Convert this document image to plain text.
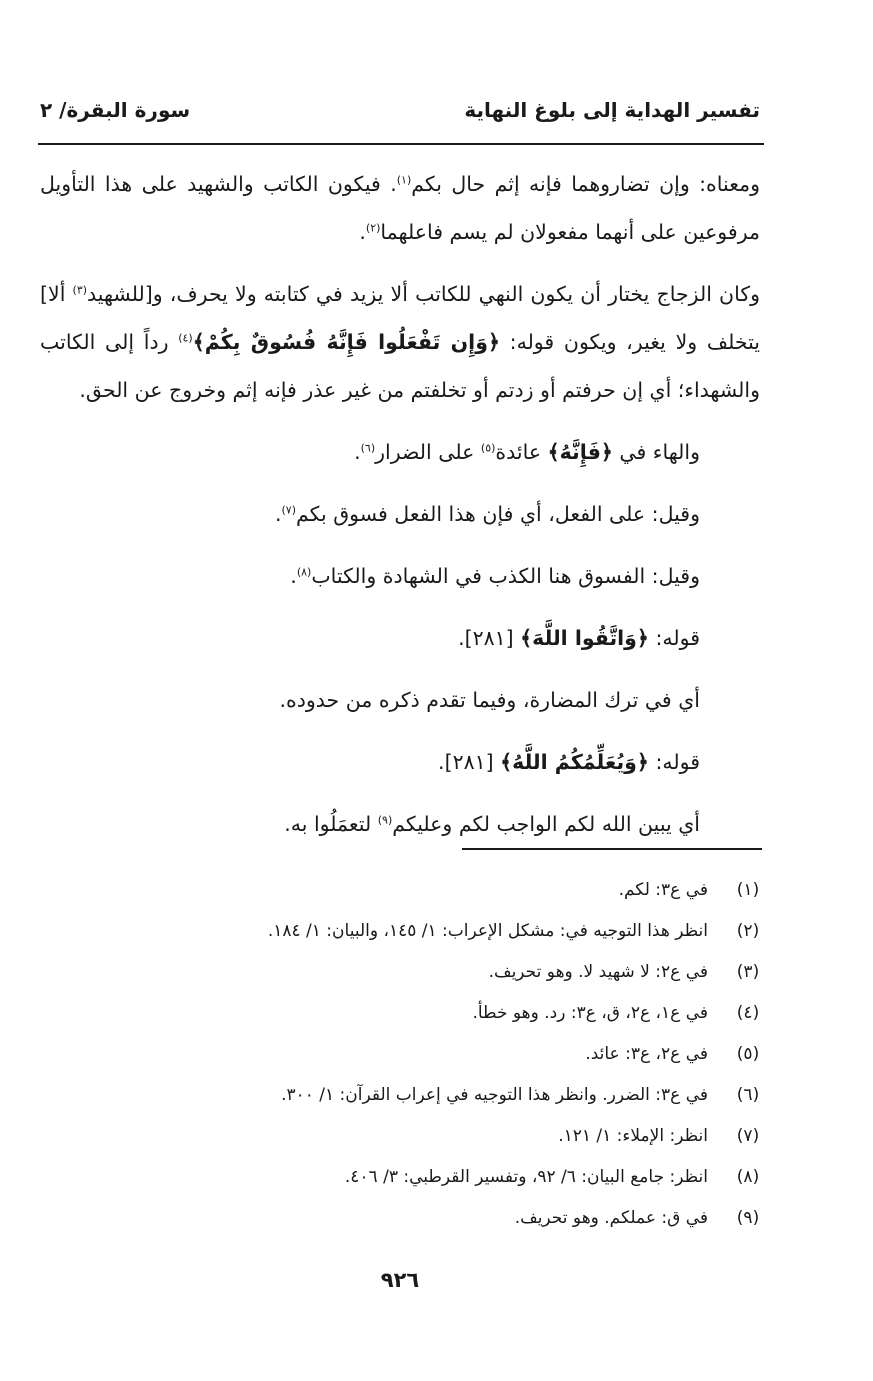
تفسير الهداية إلى بلوغ النهاية
سورة البقرة/ ٢

ومعناه: وإن تضاروهما فإنه إثم حال بكم$^{(١)}$. فيكون الكاتب والشهيد على هذا التأويل مرفوعين على أنهما مفعولان لم يسم فاعلهما$^{(٢)}$.

وكان الزجاج يختار أن يكون النهي للكاتب ألا يزيد في كتابته ولا يحرف، و[للشهيد$^{(٣)}$ ألا] يتخلف ولا يغير، ويكون قوله: ﴿وَإِن تَفْعَلُوا فَإِنَّهُ فُسُوقٌ بِكُمْ﴾$^{(٤)}$ رداً إلى الكاتب والشهداء؛ أي إن حرفتم أو زدتم أو تخلفتم من غير عذر فإنه إثم وخروج عن الحق.

والهاء في ﴿فَإِنَّهُ﴾ عائدة$^{(٥)}$ على الضرار$^{(٦)}$.

وقيل: على الفعل، أي فإن هذا الفعل فسوق بكم$^{(٧)}$.

وقيل: الفسوق هنا الكذب في الشهادة والكتاب$^{(٨)}$.

قوله: ﴿وَاتَّقُوا اللَّهَ﴾ [٢٨١].

أي في ترك المضارة، وفيما تقدم ذكره من حدوده.

قوله: ﴿وَيُعَلِّمُكُمُ اللَّهُ﴾ [٢٨١].

أي يبين الله لكم الواجب لكم وعليكم$^{(٩)}$ لتعمَلُوا به.

(١)
في ع٣: لكم.
(٢)
انظر هذا التوجيه في: مشكل الإعراب: ١/ ١٤٥، والبيان: ١/ ١٨٤.
(٣)
في ع٢: لا شهيد لا. وهو تحريف.
(٤)
في ع١، ع٢، ق، ع٣: رد. وهو خطأ.
(٥)
في ع٢، ع٣: عائد.
(٦)
في ع٣: الضرر. وانظر هذا التوجيه في إعراب القرآن: ١/ ٣٠٠.
(٧)
انظر: الإملاء: ١/ ١٢١.
(٨)
انظر: جامع البيان: ٦/ ٩٢، وتفسير القرطبي: ٣/ ٤٠٦.
(٩)
في ق: عملكم. وهو تحريف.
٩٢٦
